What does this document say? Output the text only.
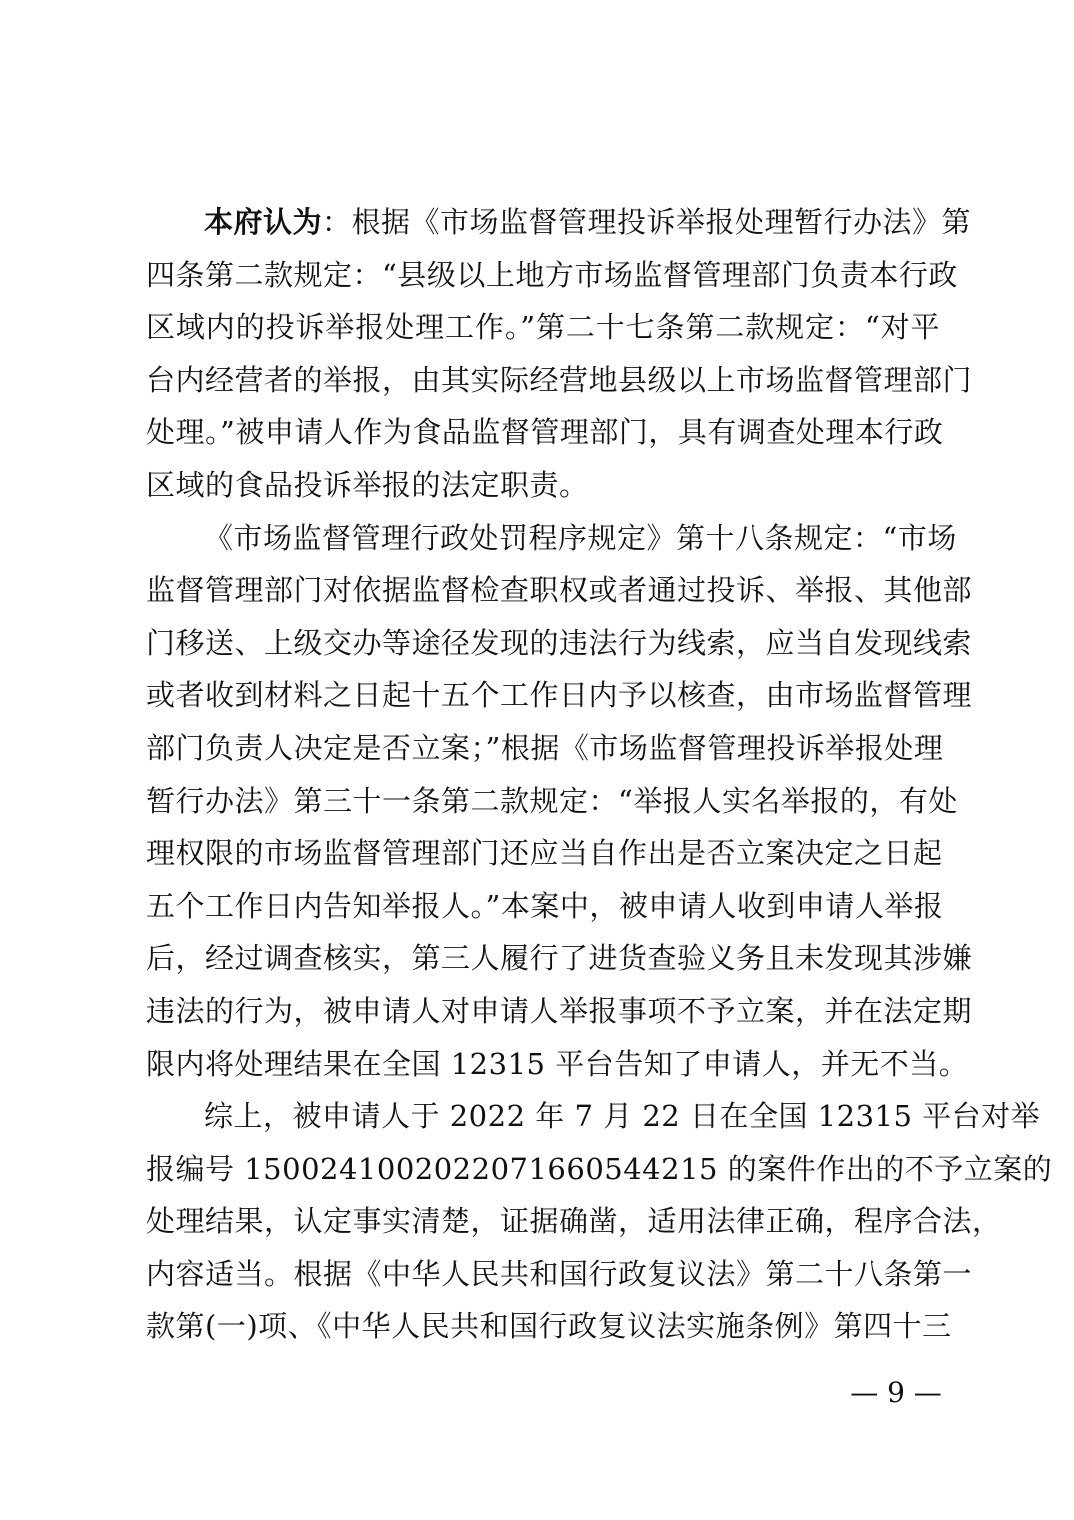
本府认为：根据《市场监督管理投诉举报处理暂行办法》第
四条第二款规定：“县级以上地方市场监督管理部门负责本行政
区域内的投诉举报处理工作。”第二十七条第二款规定：“对平
台内经营者的举报，由其实际经营地县级以上市场监督管理部门
处理。”被申请人作为食品监督管理部门，具有调查处理本行政
区域的食品投诉举报的法定职责。
《市场监督管理行政处罚程序规定》第十八条规定：“市场
监督管理部门对依据监督检查职权或者通过投诉、举报、其他部
门移送、上级交办等途径发现的违法行为线索，应当自发现线索
或者收到材料之日起十五个工作日内予以核查，由市场监督管理
部门负责人决定是否立案；”根据《市场监督管理投诉举报处理
暂行办法》第三十一条第二款规定：“举报人实名举报的，有处
理权限的市场监督管理部门还应当自作出是否立案决定之日起
五个工作日内告知举报人。”本案中，被申请人收到申请人举报
后，经过调查核实，第三人履行了进货查验义务且未发现其涉嫌
违法的行为，被申请人对申请人举报事项不予立案，并在法定期
限内将处理结果在全国 12315 平台告知了申请人，并无不当。
综上，被申请人于 2022 年 7 月 22 日在全国 12315 平台对举
报编号 1500241002022071660544215 的案件作出的不予立案的
处理结果，认定事实清楚，证据确凿，适用法律正确，程序合法，
内容适当。根据《中华人民共和国行政复议法》第二十八条第一
款第(一)项、《中华人民共和国行政复议法实施条例》第四十三
— 9 —
